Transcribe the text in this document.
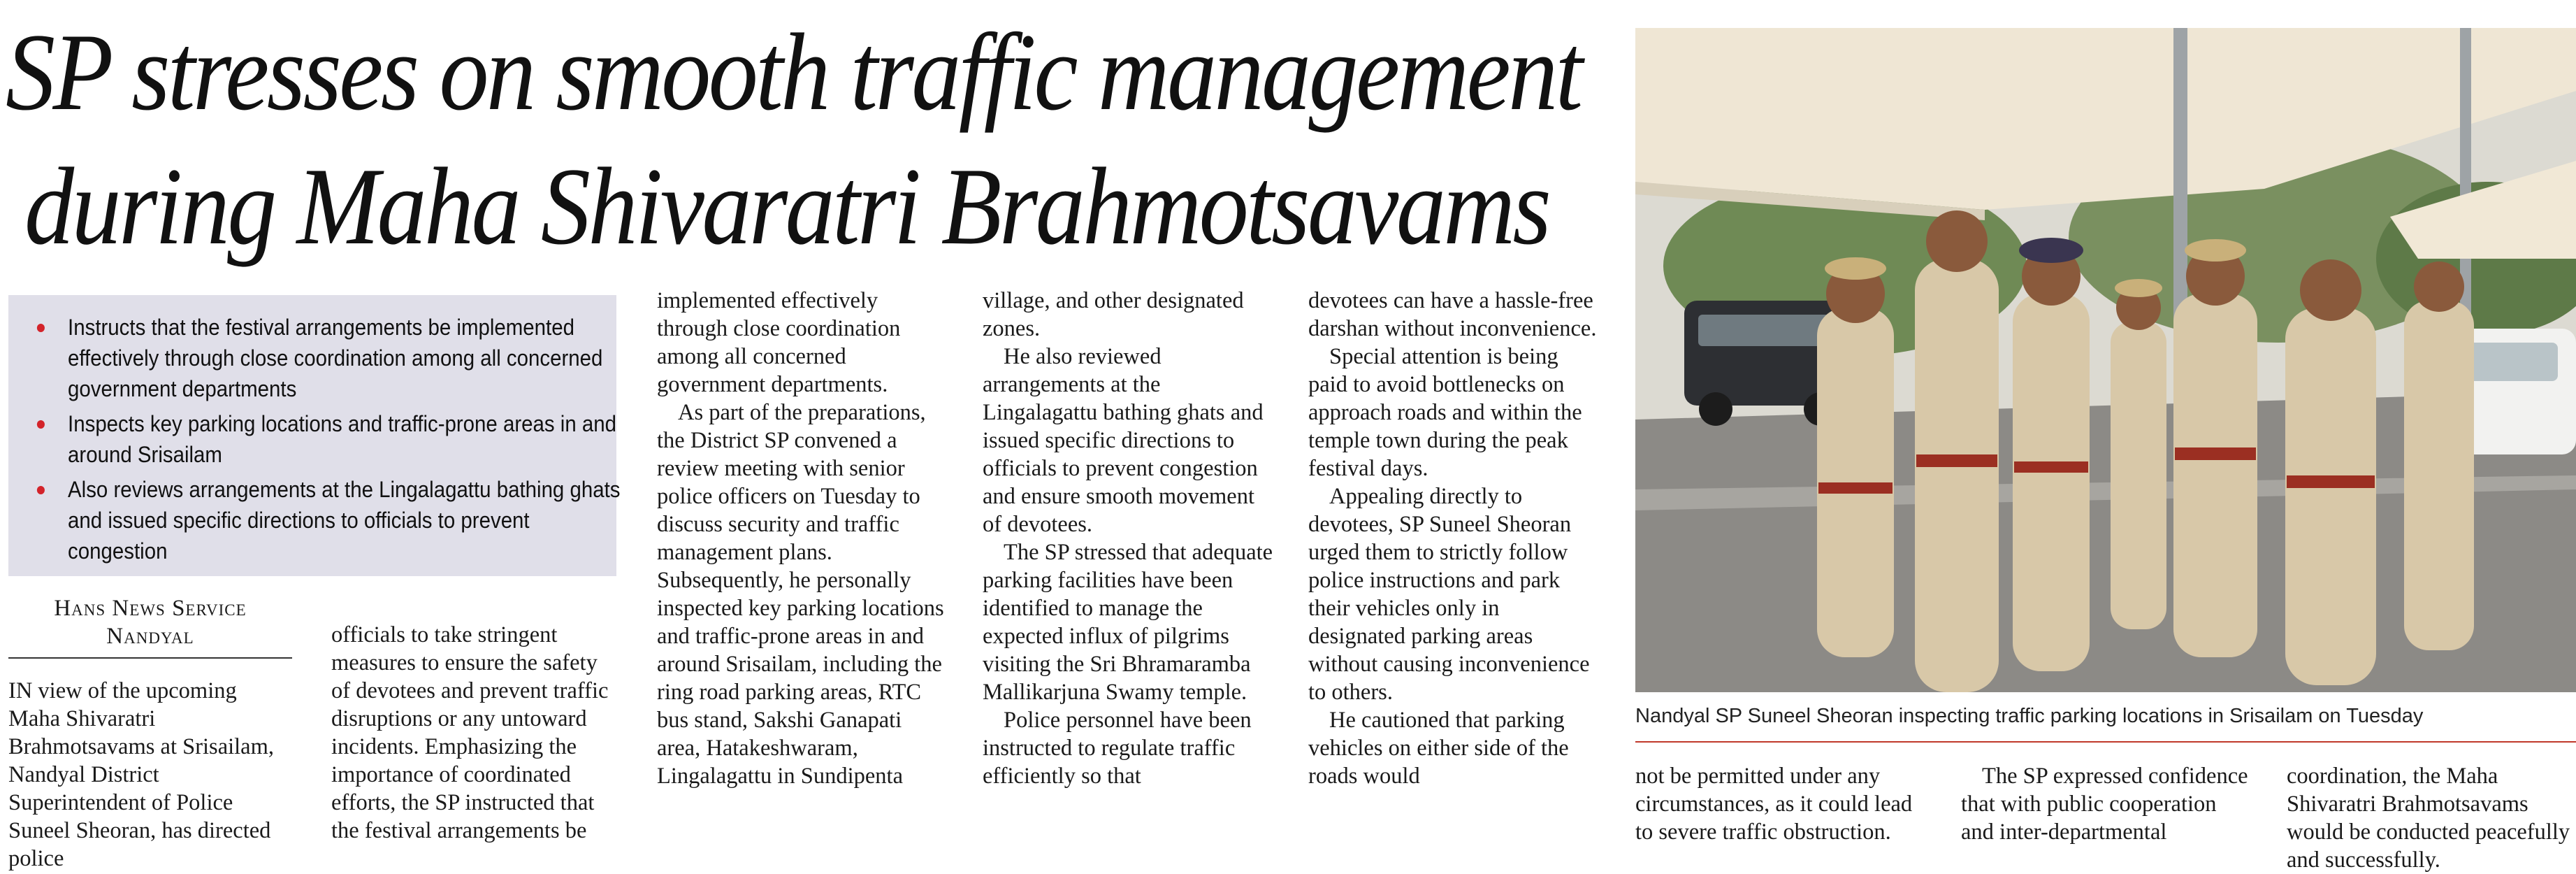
SP stresses on smooth traffic management
during Maha Shivaratri Brahmotsavams
Instructs that the festival arrangements be implemented effectively through close coordination among all concerned government departments
Inspects key parking locations and traffic-prone areas in and around Srisailam
Also reviews arrangements at the Lingalagattu bathing ghats and issued specific directions to officials to prevent congestion
Hans News Service
Nandyal

IN view of the upcoming Maha Shivaratri Brahmotsavams at Srisailam, Nandyal District Superintendent of Police Suneel Sheoran, has directed police

officials to take stringent measures to ensure the safety of devotees and prevent traffic disruptions or any untoward incidents. Emphasizing the importance of coordinated efforts, the SP instructed that the festival arrangements be

implemented effectively through close coordination among all concerned government departments.

As part of the preparations, the District SP convened a review meeting with senior police officers on Tuesday to discuss security and traffic management plans. Subsequently, he personally inspected key parking locations and traffic-prone areas in and around Srisailam, including the ring road parking areas, RTC bus stand, Sakshi Ganapati area, Hatakeshwaram, Lingalagattu in Sundipenta

village, and other designated zones.

He also reviewed arrangements at the Lingalagattu bathing ghats and issued specific directions to officials to prevent congestion and ensure smooth movement of devotees.

The SP stressed that adequate parking facilities have been identified to manage the expected influx of pilgrims visiting the Sri Bhramaramba Mallikarjuna Swamy temple.

Police personnel have been instructed to regulate traffic efficiently so that

devotees can have a hassle-free darshan without inconvenience.

Special attention is being paid to avoid bottlenecks on approach roads and within the temple town during the peak festival days.

Appealing directly to devotees, SP Suneel Sheoran urged them to strictly follow police instructions and park their vehicles only in designated parking areas without causing inconvenience to others.

He cautioned that parking vehicles on either side of the roads would

Nandyal SP Suneel Sheoran inspecting traffic parking locations in Srisailam on Tuesday

not be permitted under any circumstances, as it could lead to severe traffic obstruction.

The SP expressed confidence that with public cooperation and inter-departmental

coordination, the Maha Shivaratri Brahmotsavams would be conducted peacefully and successfully.
